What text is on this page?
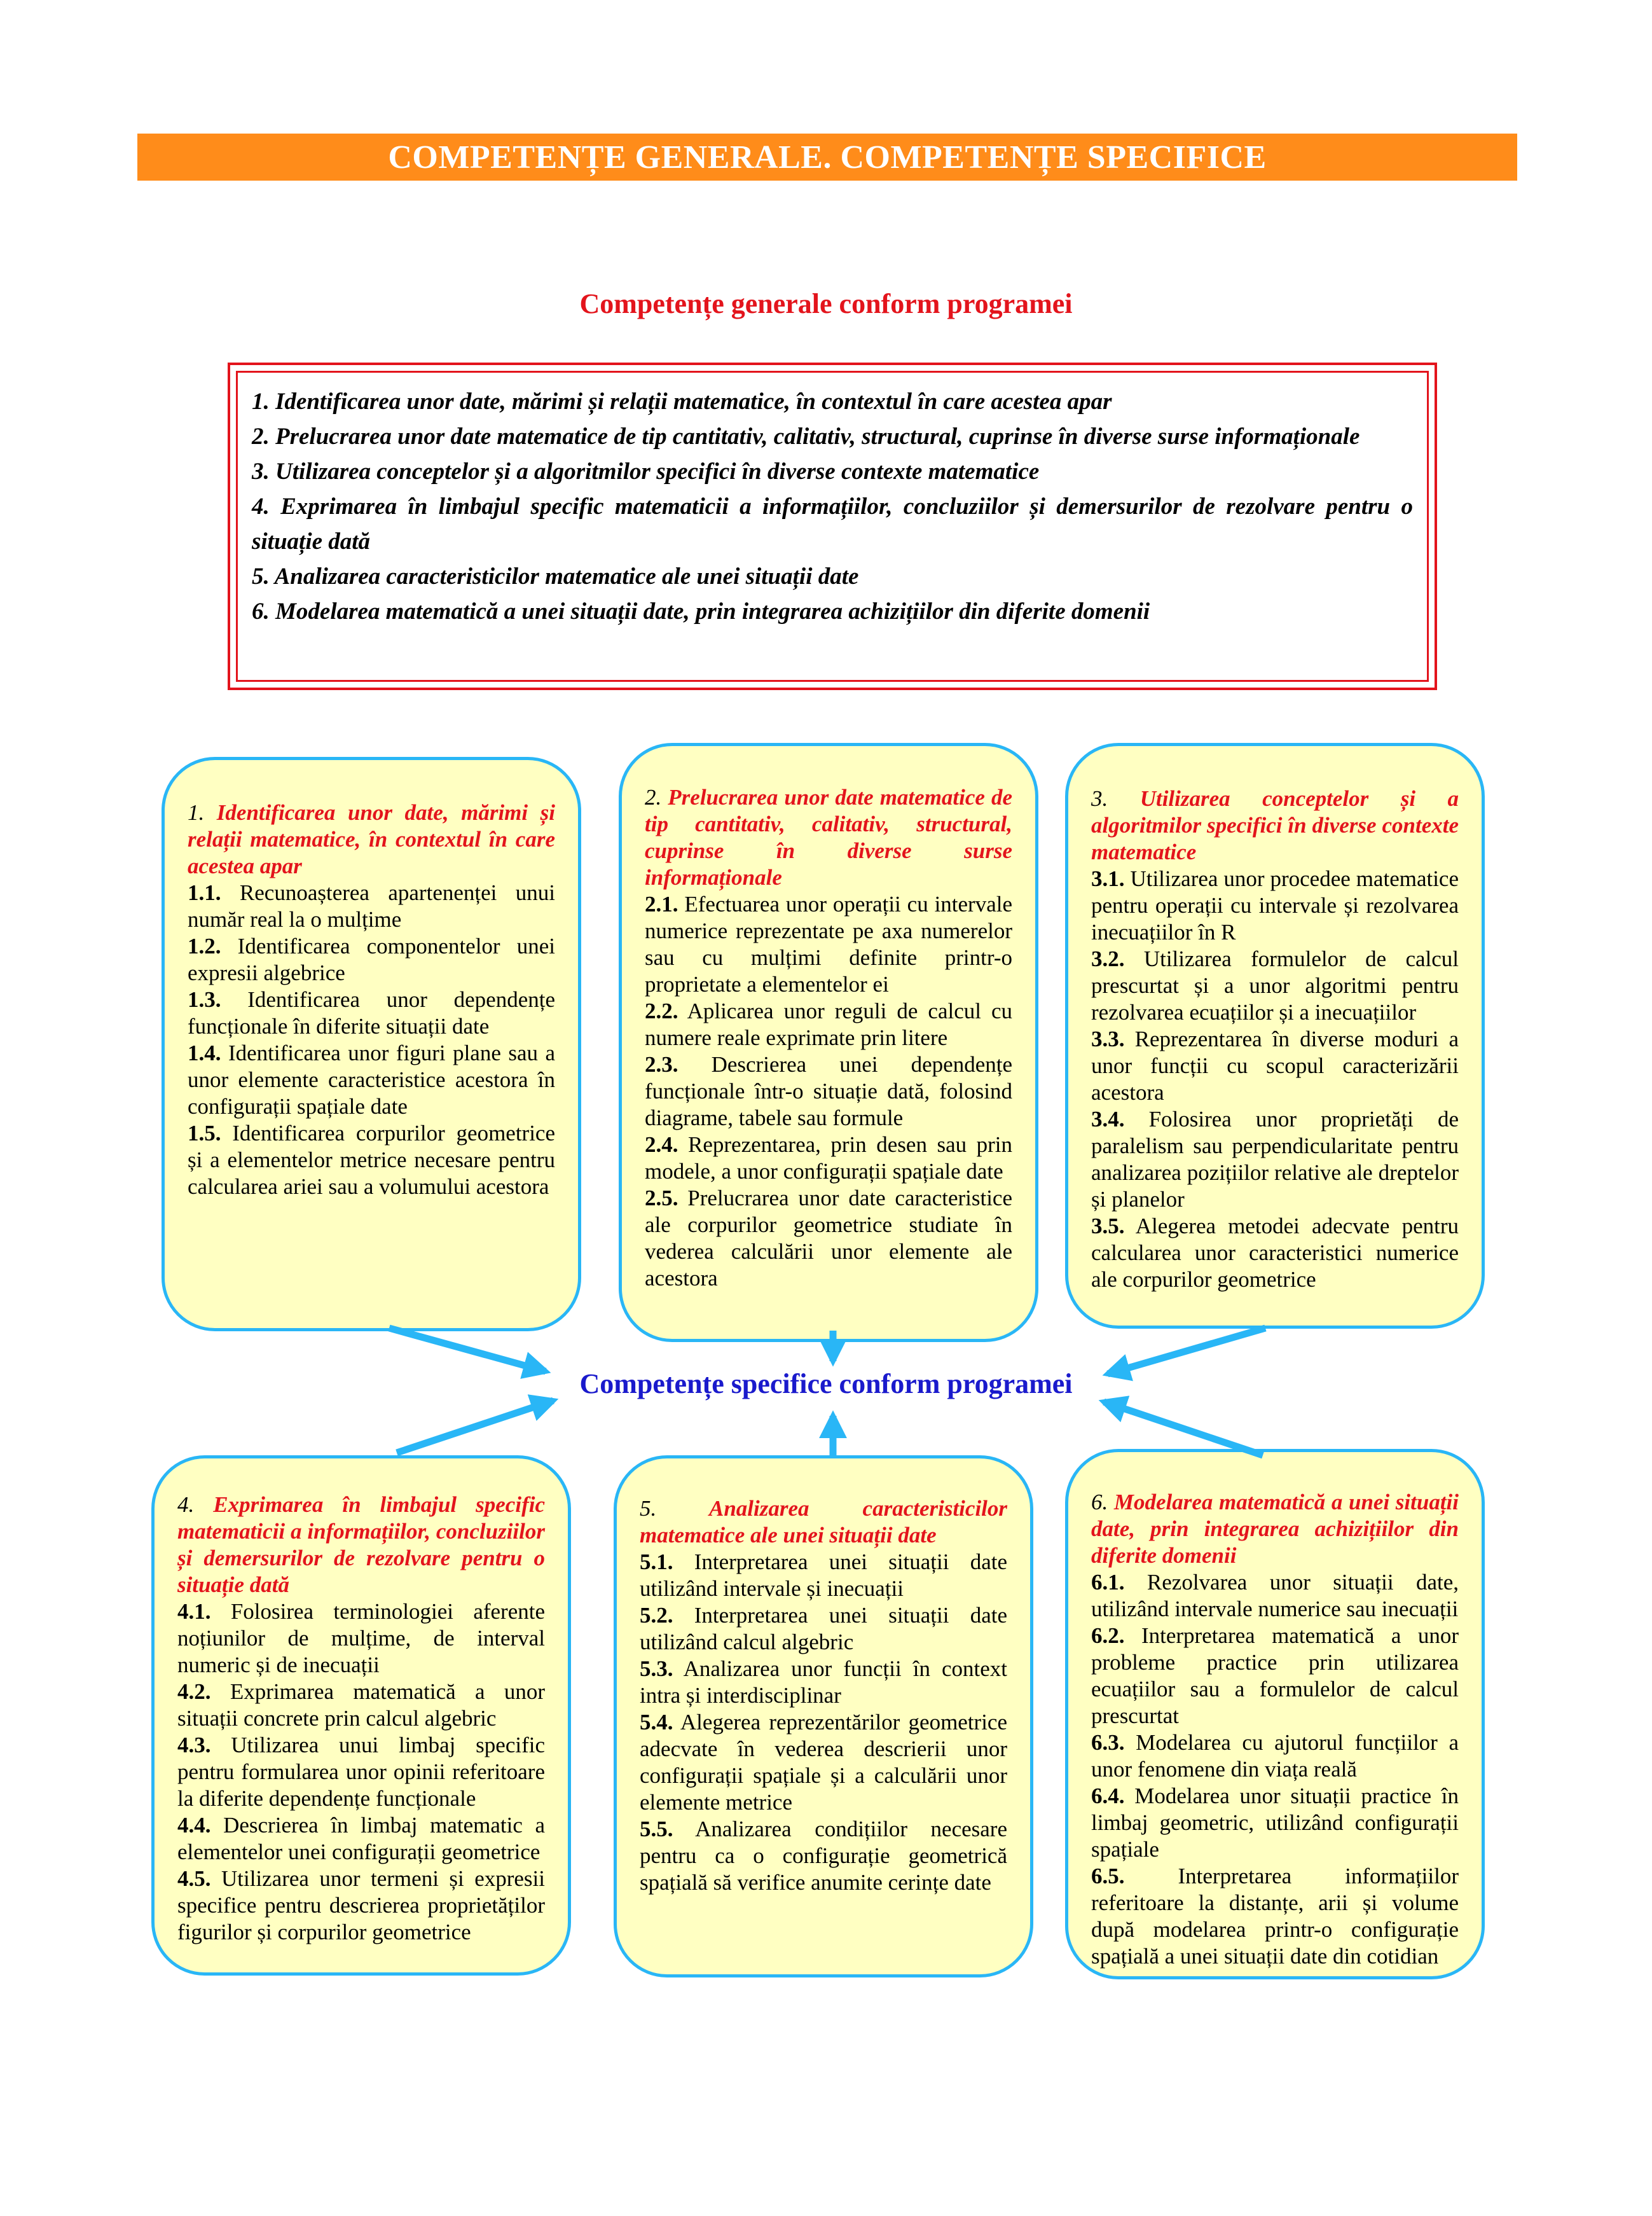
COMPETENȚE GENERALE. COMPETENȚE SPECIFICE
Competențe generale conform programei
1. Identificarea unor date, mărimi și relații matematice, în contextul în care acestea apar
2. Prelucrarea unor date matematice de tip cantitativ, calitativ, structural, cuprinse în diverse surse informaționale
3. Utilizarea conceptelor și a algoritmilor specifici în diverse contexte matematice
4. Exprimarea în limbajul specific matematicii a informațiilor, concluziilor și demersurilor de rezolvare pentru o situație dată
5. Analizarea caracteristicilor matematice ale unei situații date
6. Modelarea matematică a unei situații date, prin integrarea achizițiilor din diferite domenii
1. Identificarea unor date, mărimi și relații matematice, în contextul în care acestea apar

1.1. Recunoașterea apartenenței unui număr real la o mulțime

1.2. Identificarea componentelor unei expresii algebrice

1.3. Identificarea unor dependențe funcționale în diferite situații date

1.4. Identificarea unor figuri plane sau a unor elemente caracteristice acestora în configurații spațiale date

1.5. Identificarea corpurilor geometrice și a elementelor metrice necesare pentru calcularea ariei sau a volumului acestora

2. Prelucrarea unor date matematice de tip cantitativ, calitativ, structural, cuprinse în diverse surse informaționale

2.1. Efectuarea unor operații cu intervale numerice reprezentate pe axa numerelor sau cu mulțimi definite printr-o proprietate a elementelor ei

2.2. Aplicarea unor reguli de calcul cu numere reale exprimate prin litere

2.3. Descrierea unei dependențe funcționale într-o situație dată, folosind diagrame, tabele sau formule

2.4. Reprezentarea, prin desen sau prin modele, a unor configurații spațiale date

2.5. Prelucrarea unor date caracteristice ale corpurilor geometrice studiate în vederea calculării unor elemente ale acestora

3. Utilizarea conceptelor și a algoritmilor specifici în diverse contexte matematice

3.1. Utilizarea unor procedee matematice pentru operații cu intervale și rezolvarea inecuațiilor în R

3.2. Utilizarea formulelor de calcul prescurtat și a unor algoritmi pentru rezolvarea ecuațiilor și a inecuațiilor

3.3. Reprezentarea în diverse moduri a unor funcții cu scopul caracterizării acestora

3.4. Folosirea unor proprietăți de paralelism sau perpendicularitate pentru analizarea pozițiilor relative ale dreptelor și planelor

3.5. Alegerea metodei adecvate pentru calcularea unor caracteristici numerice ale corpurilor geometrice

Competențe specifice conform programei
4. Exprimarea în limbajul specific matematicii a informațiilor, concluziilor și demersurilor de rezolvare pentru o situație dată

4.1. Folosirea terminologiei aferente noțiunilor de mulțime, de interval numeric și de inecuații

4.2. Exprimarea matematică a unor situații concrete prin calcul algebric

4.3. Utilizarea unui limbaj specific pentru formularea unor opinii referitoare la diferite dependențe funcționale

4.4. Descrierea în limbaj matematic a elementelor unei configurații geometrice

4.5. Utilizarea unor termeni și expresii specifice pentru descrierea proprietăților figurilor și corpurilor geometrice

5. Analizarea caracteristicilor matematice ale unei situații date

5.1. Interpretarea unei situații date utilizând intervale și inecuații

5.2. Interpretarea unei situații date utilizând calcul algebric

5.3. Analizarea unor funcții în context intra și interdisciplinar

5.4. Alegerea reprezentărilor geometrice adecvate în vederea descrierii unor configurații spațiale și a calculării unor elemente metrice

5.5. Analizarea condițiilor necesare pentru ca o configurație geometrică spațială să verifice anumite cerințe date

6. Modelarea matematică a unei situații date, prin integrarea achizițiilor din diferite domenii

6.1. Rezolvarea unor situații date, utilizând intervale numerice sau inecuații

6.2. Interpretarea matematică a unor probleme practice prin utilizarea ecuațiilor sau a formulelor de calcul prescurtat

6.3. Modelarea cu ajutorul funcțiilor a unor fenomene din viața reală

6.4. Modelarea unor situații practice în limbaj geometric, utilizând configurații spațiale

6.5. Interpretarea informațiilor referitoare la distanțe, arii și volume după modelarea printr-o configurație spațială a unei situații date din cotidian
